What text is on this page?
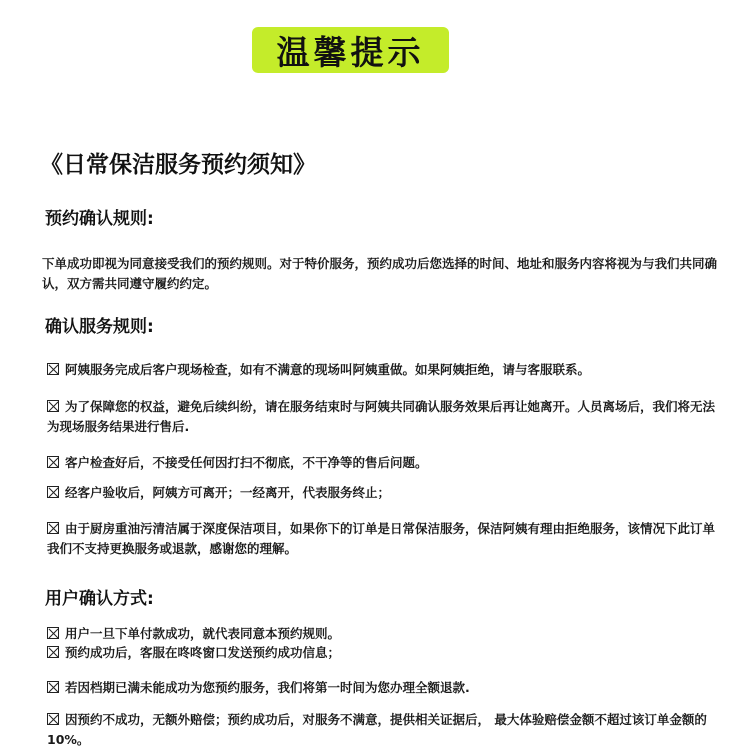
温馨提示
《日常保洁服务预约须知》
预约确认规则:
下单成功即视为同意接受我们的预约规则。对于特价服务，预约成功后您选择的时间、地址和服务内容将视为与我们共同确认，双方需共同遵守履约约定。
确认服务规则:
阿姨服务完成后客户现场检查，如有不满意的现场叫阿姨重做。如果阿姨拒绝，请与客服联系。
为了保障您的权益，避免后续纠纷，请在服务结束时与阿姨共同确认服务效果后再让她离开。人员离场后，我们将无法为现场服务结果进行售后.
客户检查好后，不接受任何因打扫不彻底，不干净等的售后问题。
经客户验收后，阿姨方可离开；一经离开，代表服务终止；
由于厨房重油污清洁属于深度保洁项目，如果你下的订单是日常保洁服务，保洁阿姨有理由拒绝服务，该情况下此订单我们不支持更换服务或退款，感谢您的理解。
用户确认方式:
用户一旦下单付款成功，就代表同意本预约规则。
预约成功后，客服在咚咚窗口发送预约成功信息；
若因档期已满未能成功为您预约服务，我们将第一时间为您办理全额退款.
因预约不成功，无额外赔偿；预约成功后，对服务不满意，提供相关证据后， 最大体验赔偿金额不超过该订单金额的10%。
